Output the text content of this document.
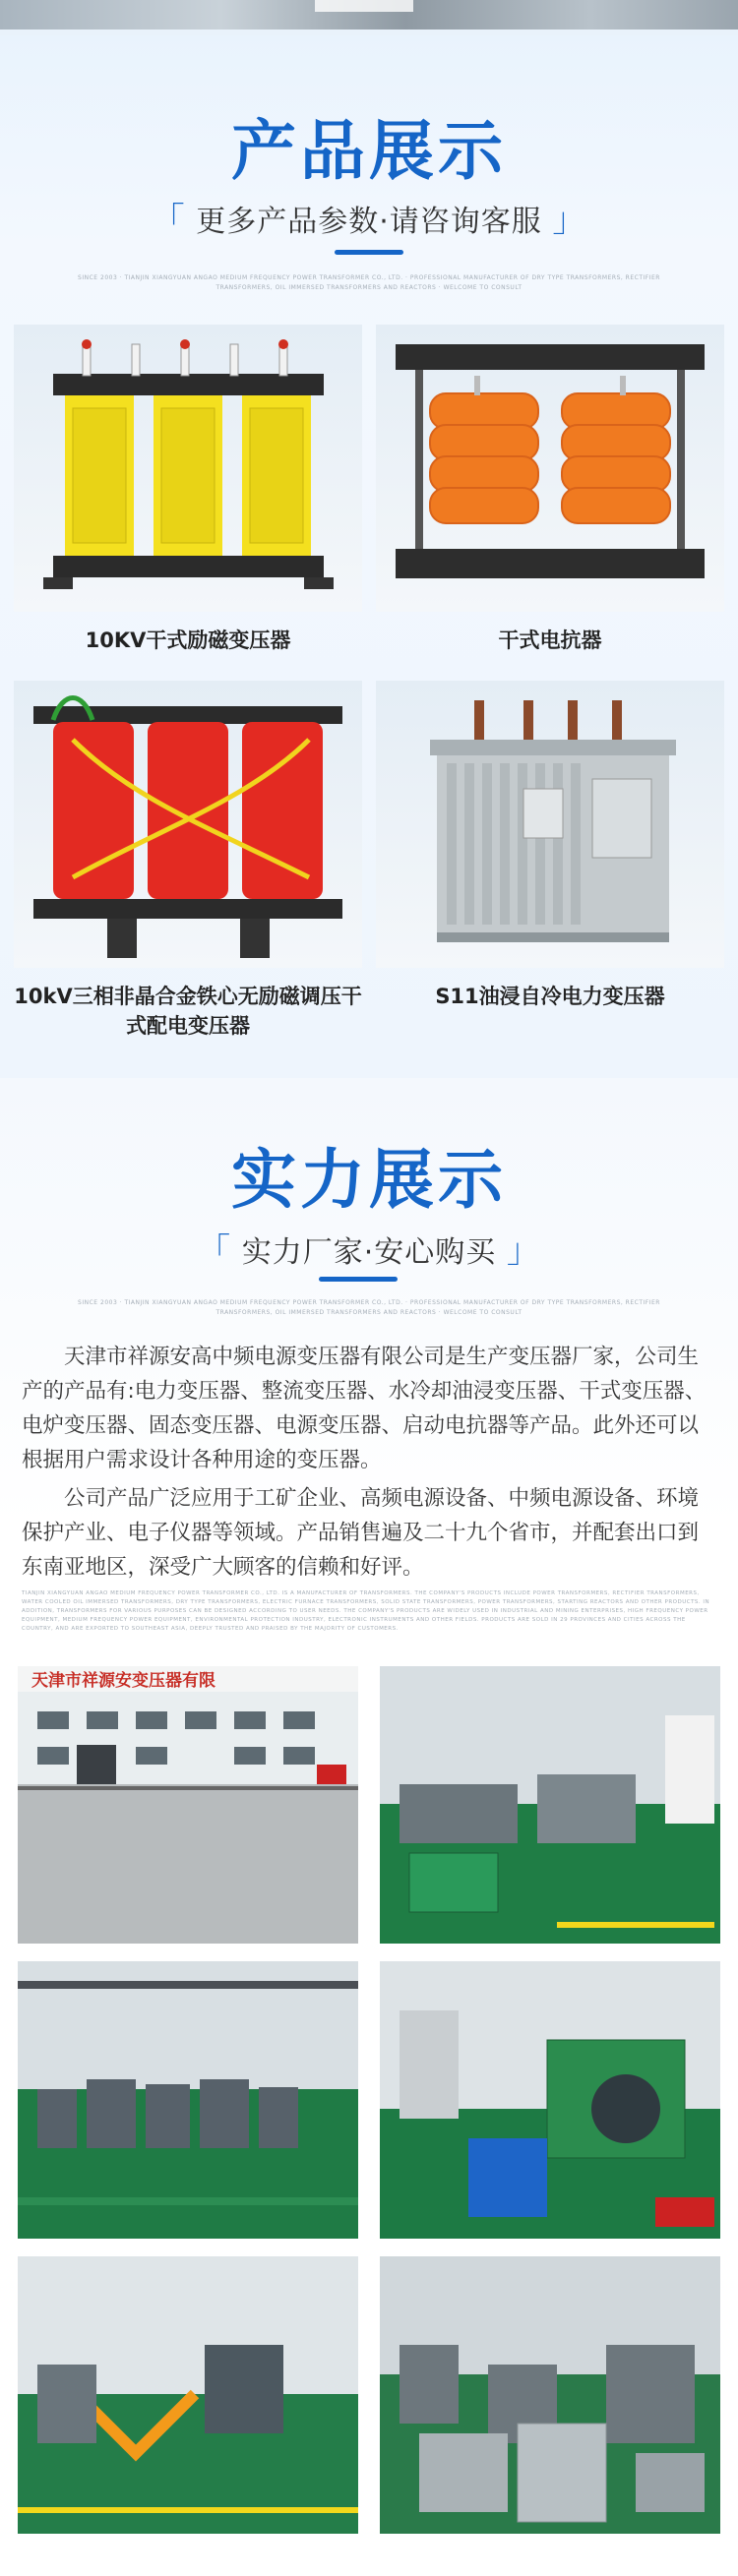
产品展示
「 更多产品参数·请咨询客服 」
SINCE 2003 · TIANJIN XIANGYUAN ANGAO MEDIUM FREQUENCY POWER TRANSFORMER CO., LTD. · PROFESSIONAL MANUFACTURER OF DRY TYPE TRANSFORMERS, RECTIFIER TRANSFORMERS, OIL IMMERSED TRANSFORMERS AND REACTORS · WELCOME TO CONSULT
10KV干式励磁变压器	干式电抗器
10kV三相非晶合金铁心无励磁调压干式配电变压器
S11油浸自冷电力变压器
实力展示
「 实力厂家·安心购买 」
SINCE 2003 · TIANJIN XIANGYUAN ANGAO MEDIUM FREQUENCY POWER TRANSFORMER CO., LTD. · PROFESSIONAL MANUFACTURER OF DRY TYPE TRANSFORMERS, RECTIFIER TRANSFORMERS, OIL IMMERSED TRANSFORMERS AND REACTORS · WELCOME TO CONSULT
天津市祥源安高中频电源变压器有限公司是生产变压器厂家，公司生产的产品有:电力变压器、整流变压器、水冷却油浸变压器、干式变压器、电炉变压器、固态变压器、电源变压器、启动电抗器等产品。此外还可以根据用户需求设计各种用途的变压器。
公司产品广泛应用于工矿企业、高频电源设备、中频电源设备、环境保护产业、电子仪器等领域。产品销售遍及二十九个省市，并配套出口到东南亚地区，深受广大顾客的信赖和好评。
TIANJIN XIANGYUAN ANGAO MEDIUM FREQUENCY POWER TRANSFORMER CO., LTD. IS A MANUFACTURER OF TRANSFORMERS. THE COMPANY'S PRODUCTS INCLUDE POWER TRANSFORMERS, RECTIFIER TRANSFORMERS, WATER COOLED OIL IMMERSED TRANSFORMERS, DRY TYPE TRANSFORMERS, ELECTRIC FURNACE TRANSFORMERS, SOLID STATE TRANSFORMERS, POWER TRANSFORMERS, STARTING REACTORS AND OTHER PRODUCTS. IN ADDITION, TRANSFORMERS FOR VARIOUS PURPOSES CAN BE DESIGNED ACCORDING TO USER NEEDS. THE COMPANY'S PRODUCTS ARE WIDELY USED IN INDUSTRIAL AND MINING ENTERPRISES, HIGH FREQUENCY POWER EQUIPMENT, MEDIUM FREQUENCY POWER EQUIPMENT, ENVIRONMENTAL PROTECTION INDUSTRY, ELECTRONIC INSTRUMENTS AND OTHER FIELDS. PRODUCTS ARE SOLD IN 29 PROVINCES AND CITIES ACROSS THE COUNTRY, AND ARE EXPORTED TO SOUTHEAST ASIA, DEEPLY TRUSTED AND PRAISED BY THE MAJORITY OF CUSTOMERS.
天津市祥源安变压器有限
